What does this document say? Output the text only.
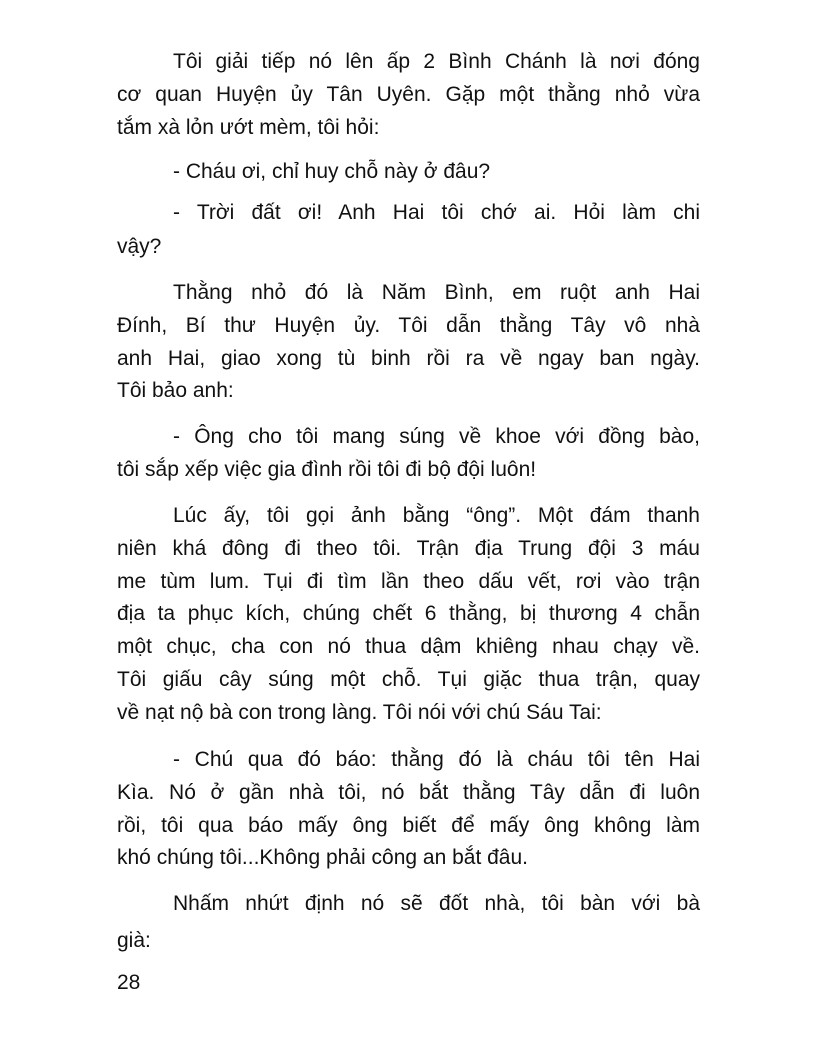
Tôi giải tiếp nó lên ấp 2 Bình Chánh là nơi đóng
cơ quan Huyện ủy Tân Uyên. Gặp một thằng nhỏ vừa
tắm xà lỏn ướt mèm, tôi hỏi:
- Cháu ơi, chỉ huy chỗ này ở đâu?
- Trời đất ơi! Anh Hai tôi chớ ai. Hỏi làm chi
vậy?
Thằng nhỏ đó là Năm Bình, em ruột anh Hai
Đính, Bí thư Huyện ủy. Tôi dẫn thằng Tây vô nhà
anh Hai, giao xong tù binh rồi ra về ngay ban ngày.
Tôi bảo anh:
- Ông cho tôi mang súng về khoe với đồng bào,
tôi sắp xếp việc gia đình rồi tôi đi bộ đội luôn!
Lúc ấy, tôi gọi ảnh bằng “ông”. Một đám thanh
niên khá đông đi theo tôi. Trận địa Trung đội 3 máu
me tùm lum. Tụi đi tìm lần theo dấu vết, rơi vào trận
địa ta phục kích, chúng chết 6 thằng, bị thương 4 chẫn
một chục, cha con nó thua dậm khiêng nhau chạy về.
Tôi giấu cây súng một chỗ. Tụi giặc thua trận, quay
về nạt nộ bà con trong làng. Tôi nói với chú Sáu Tai:
- Chú qua đó báo: thằng đó là cháu tôi tên Hai
Kìa. Nó ở gần nhà tôi, nó bắt thằng Tây dẫn đi luôn
rồi, tôi qua báo mấy ông biết để mấy ông không làm
khó chúng tôi...Không phải công an bắt đâu.
Nhấm nhứt định nó sẽ đốt nhà, tôi bàn với bà
già:
28
